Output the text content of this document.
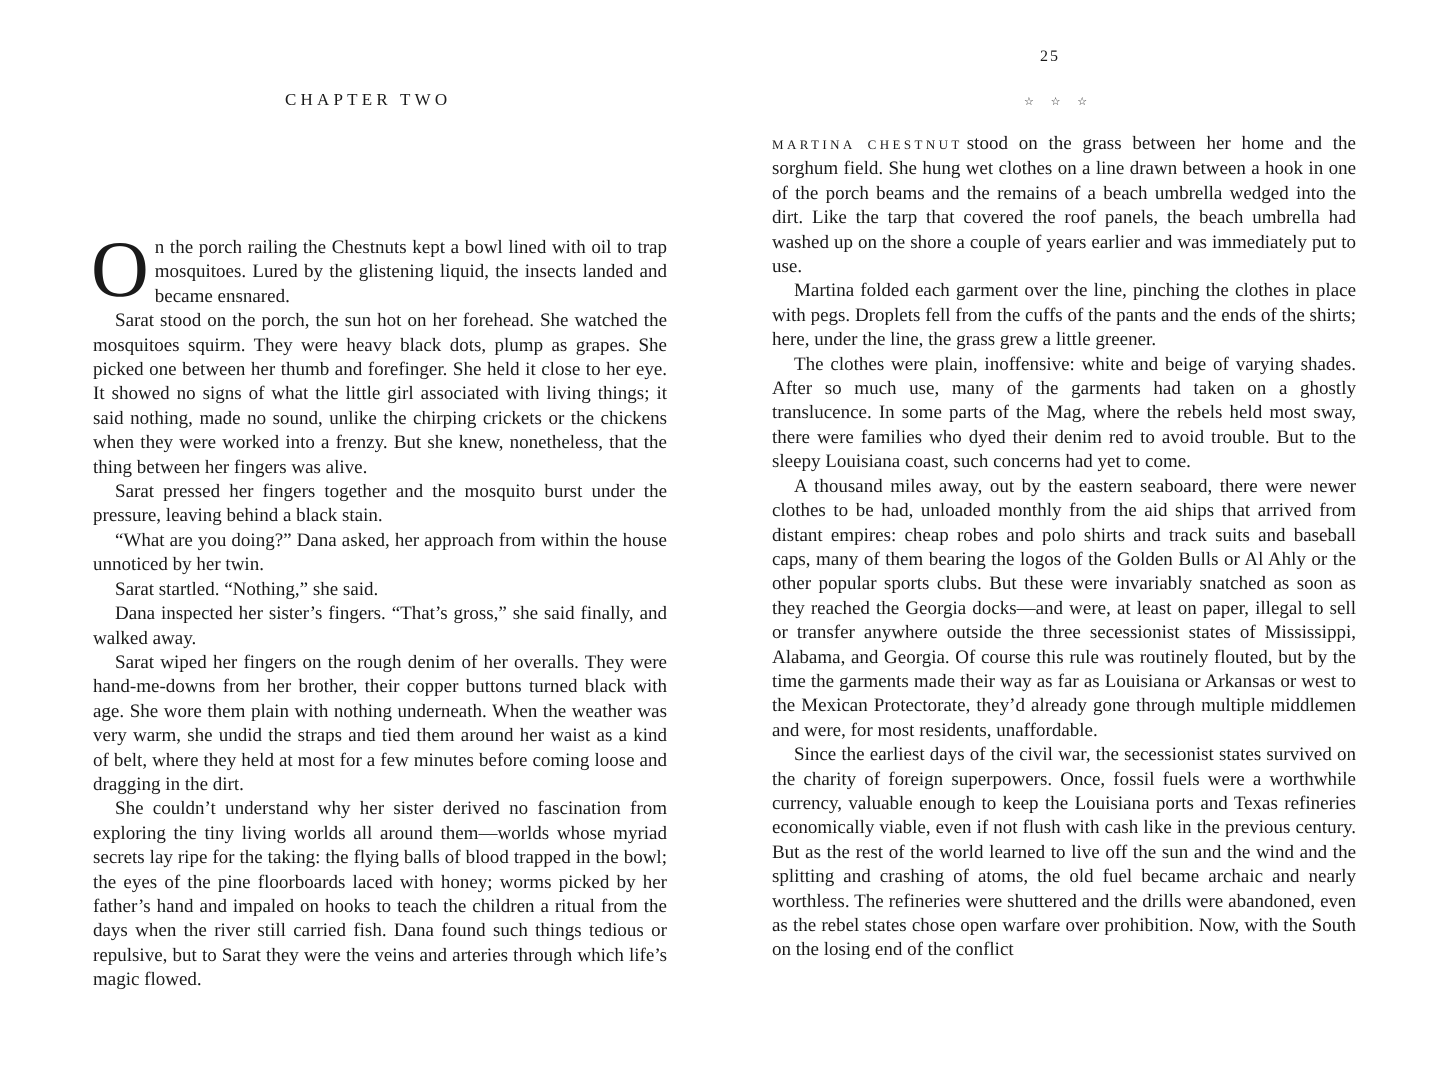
CHAPTER TWO

On the porch railing the Chestnuts kept a bowl lined with oil to trap mosquitoes. Lured by the glistening liquid, the insects landed and became ensnared.

Sarat stood on the porch, the sun hot on her forehead. She watched the mosquitoes squirm. They were heavy black dots, plump as grapes. She picked one between her thumb and forefinger. She held it close to her eye. It showed no signs of what the little girl associated with living things; it said nothing, made no sound, unlike the chirping crickets or the chickens when they were worked into a frenzy. But she knew, nonetheless, that the thing between her fingers was alive.

Sarat pressed her fingers together and the mosquito burst under the pressure, leaving behind a black stain.

“What are you doing?” Dana asked, her approach from within the house unnoticed by her twin.

Sarat startled. “Nothing,” she said.

Dana inspected her sister’s fingers. “That’s gross,” she said finally, and walked away.

Sarat wiped her fingers on the rough denim of her overalls. They were hand-me-downs from her brother, their copper buttons turned black with age. She wore them plain with nothing underneath. When the weather was very warm, she undid the straps and tied them around her waist as a kind of belt, where they held at most for a few minutes before coming loose and dragging in the dirt.

She couldn’t understand why her sister derived no fascination from exploring the tiny living worlds all around them—worlds whose myriad secrets lay ripe for the taking: the flying balls of blood trapped in the bowl; the eyes of the pine floorboards laced with honey; worms picked by her father’s hand and impaled on hooks to teach the children a ritual from the days when the river still carried fish. Dana found such things tedious or repulsive, but to Sarat they were the veins and arteries through which life’s magic flowed.

25
☆ ☆ ☆

MARTINA CHESTNUT stood on the grass between her home and the sorghum field. She hung wet clothes on a line drawn between a hook in one of the porch beams and the remains of a beach umbrella wedged into the dirt. Like the tarp that covered the roof panels, the beach umbrella had washed up on the shore a couple of years earlier and was immediately put to use.

Martina folded each garment over the line, pinching the clothes in place with pegs. Droplets fell from the cuffs of the pants and the ends of the shirts; here, under the line, the grass grew a little greener.

The clothes were plain, inoffensive: white and beige of varying shades. After so much use, many of the garments had taken on a ghostly translucence. In some parts of the Mag, where the rebels held most sway, there were families who dyed their denim red to avoid trouble. But to the sleepy Louisiana coast, such concerns had yet to come.

A thousand miles away, out by the eastern seaboard, there were newer clothes to be had, unloaded monthly from the aid ships that arrived from distant empires: cheap robes and polo shirts and track suits and baseball caps, many of them bearing the logos of the Golden Bulls or Al Ahly or the other popular sports clubs. But these were invariably snatched as soon as they reached the Georgia docks—and were, at least on paper, illegal to sell or transfer anywhere outside the three secessionist states of Mississippi, Alabama, and Georgia. Of course this rule was routinely flouted, but by the time the garments made their way as far as Louisiana or Arkansas or west to the Mexican Protectorate, they’d already gone through multiple middlemen and were, for most residents, unaffordable.

Since the earliest days of the civil war, the secessionist states survived on the charity of foreign superpowers. Once, fossil fuels were a worthwhile currency, valuable enough to keep the Louisiana ports and Texas refineries economically viable, even if not flush with cash like in the previous century. But as the rest of the world learned to live off the sun and the wind and the splitting and crashing of atoms, the old fuel became archaic and nearly worthless. The refineries were shuttered and the drills were abandoned, even as the rebel states chose open warfare over prohibition. Now, with the South on the losing end of the conflict
